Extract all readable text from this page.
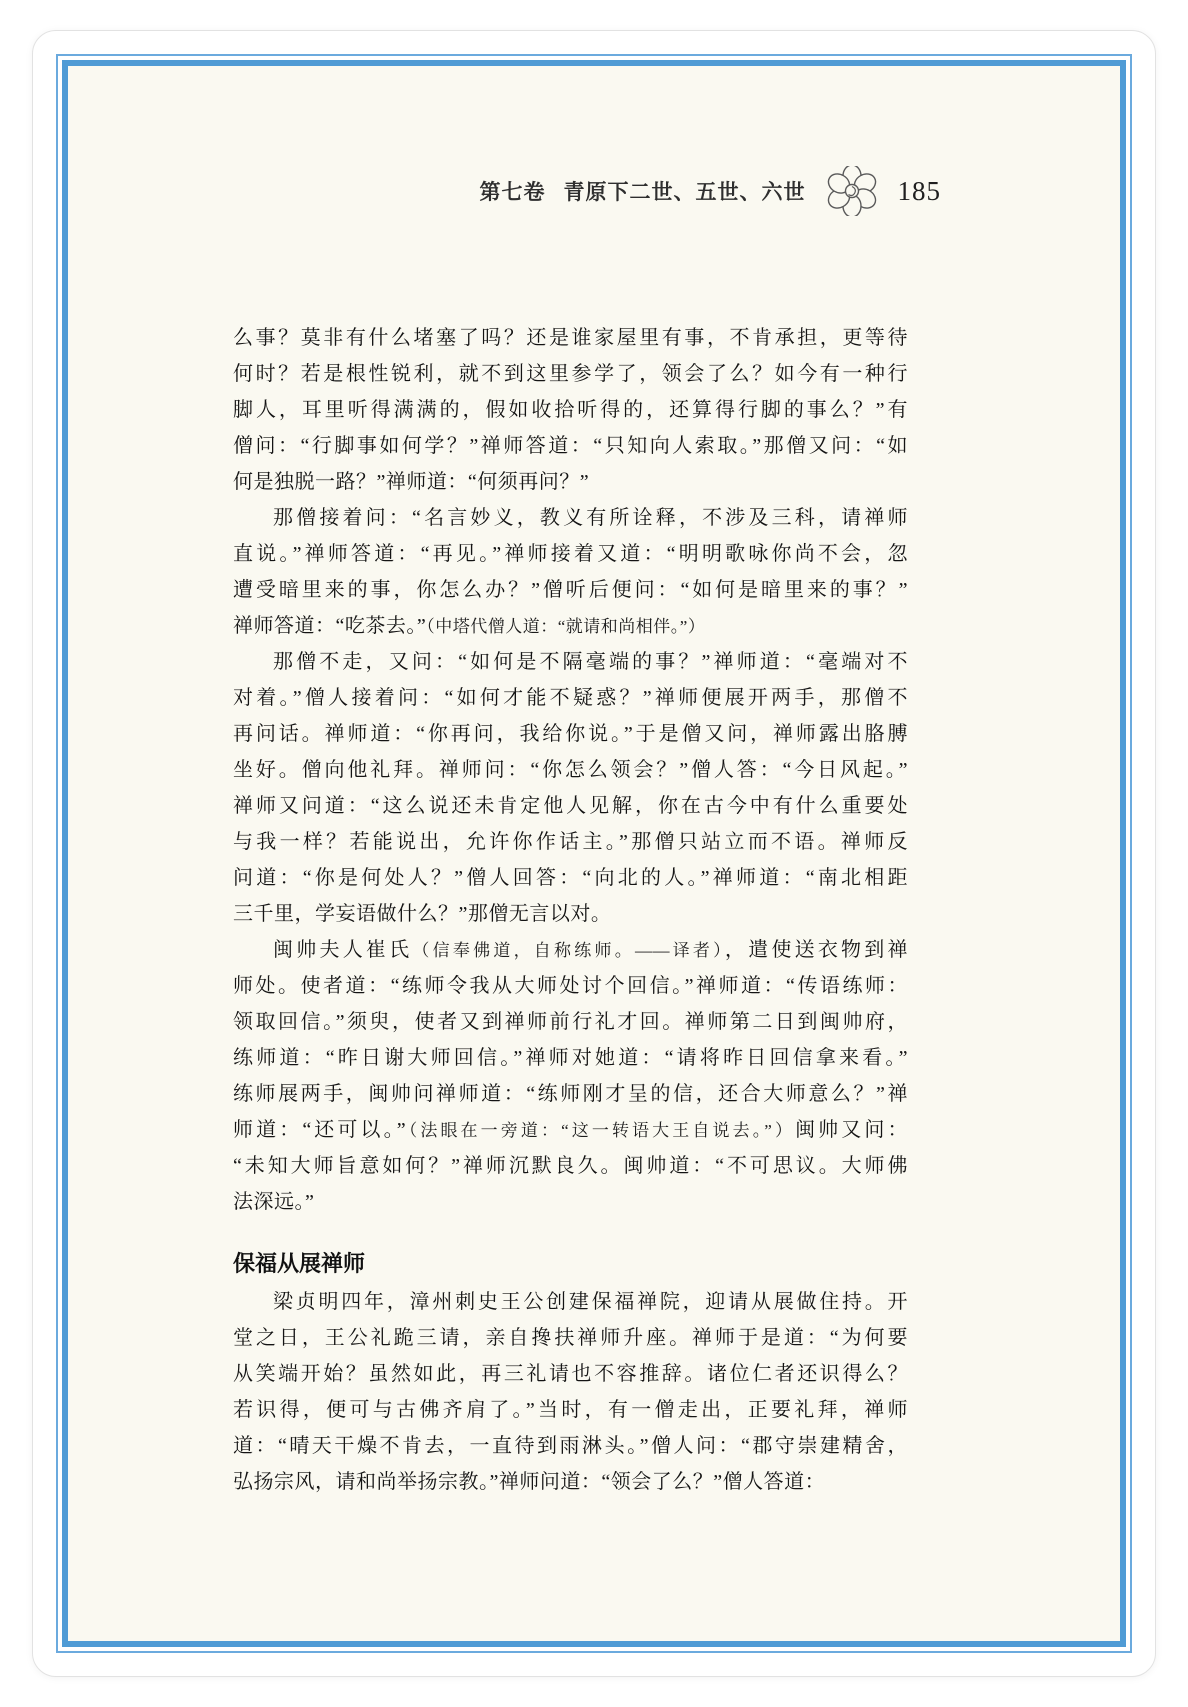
第七卷 青原下二世、五世、六世	185
么事？莫非有什么堵塞了吗？还是谁家屋里有事，不肯承担，更等待
何时？若是根性锐利，就不到这里参学了，领会了么？如今有一种行
脚人，耳里听得满满的，假如收拾听得的，还算得行脚的事么？”有
僧问：“行脚事如何学？”禅师答道：“只知向人索取。”那僧又问：“如
何是独脱一路？”禅师道：“何须再问？”
那僧接着问：“名言妙义，教义有所诠释，不涉及三科，请禅师
直说。”禅师答道：“再见。”禅师接着又道：“明明歌咏你尚不会，忽
遭受暗里来的事，你怎么办？”僧听后便问：“如何是暗里来的事？”
禅师答道：“吃茶去。”（中塔代僧人道：“就请和尚相伴。”）
那僧不走，又问：“如何是不隔毫端的事？”禅师道：“毫端对不
对着。”僧人接着问：“如何才能不疑惑？”禅师便展开两手，那僧不
再问话。禅师道：“你再问，我给你说。”于是僧又问，禅师露出胳膊
坐好。僧向他礼拜。禅师问：“你怎么领会？”僧人答：“今日风起。”
禅师又问道：“这么说还未肯定他人见解，你在古今中有什么重要处
与我一样？若能说出，允许你作话主。”那僧只站立而不语。禅师反
问道：“你是何处人？”僧人回答：“向北的人。”禅师道：“南北相距
三千里，学妄语做什么？”那僧无言以对。
闽帅夫人崔氏（信奉佛道，自称练师。——译者），遣使送衣物到禅
师处。使者道：“练师令我从大师处讨个回信。”禅师道：“传语练师：
领取回信。”须臾，使者又到禅师前行礼才回。禅师第二日到闽帅府，
练师道：“昨日谢大师回信。”禅师对她道：“请将昨日回信拿来看。”
练师展两手，闽帅问禅师道：“练师刚才呈的信，还合大师意么？”禅
师道：“还可以。”（法眼在一旁道：“这一转语大王自说去。”）闽帅又问：
“未知大师旨意如何？”禅师沉默良久。闽帅道：“不可思议。大师佛
法深远。”
保福从展禅师
梁贞明四年，漳州刺史王公创建保福禅院，迎请从展做住持。开
堂之日，王公礼跪三请，亲自搀扶禅师升座。禅师于是道：“为何要
从笑端开始？虽然如此，再三礼请也不容推辞。诸位仁者还识得么？
若识得，便可与古佛齐肩了。”当时，有一僧走出，正要礼拜，禅师
道：“晴天干燥不肯去，一直待到雨淋头。”僧人问：“郡守崇建精舍，
弘扬宗风，请和尚举扬宗教。”禅师问道：“领会了么？”僧人答道：
